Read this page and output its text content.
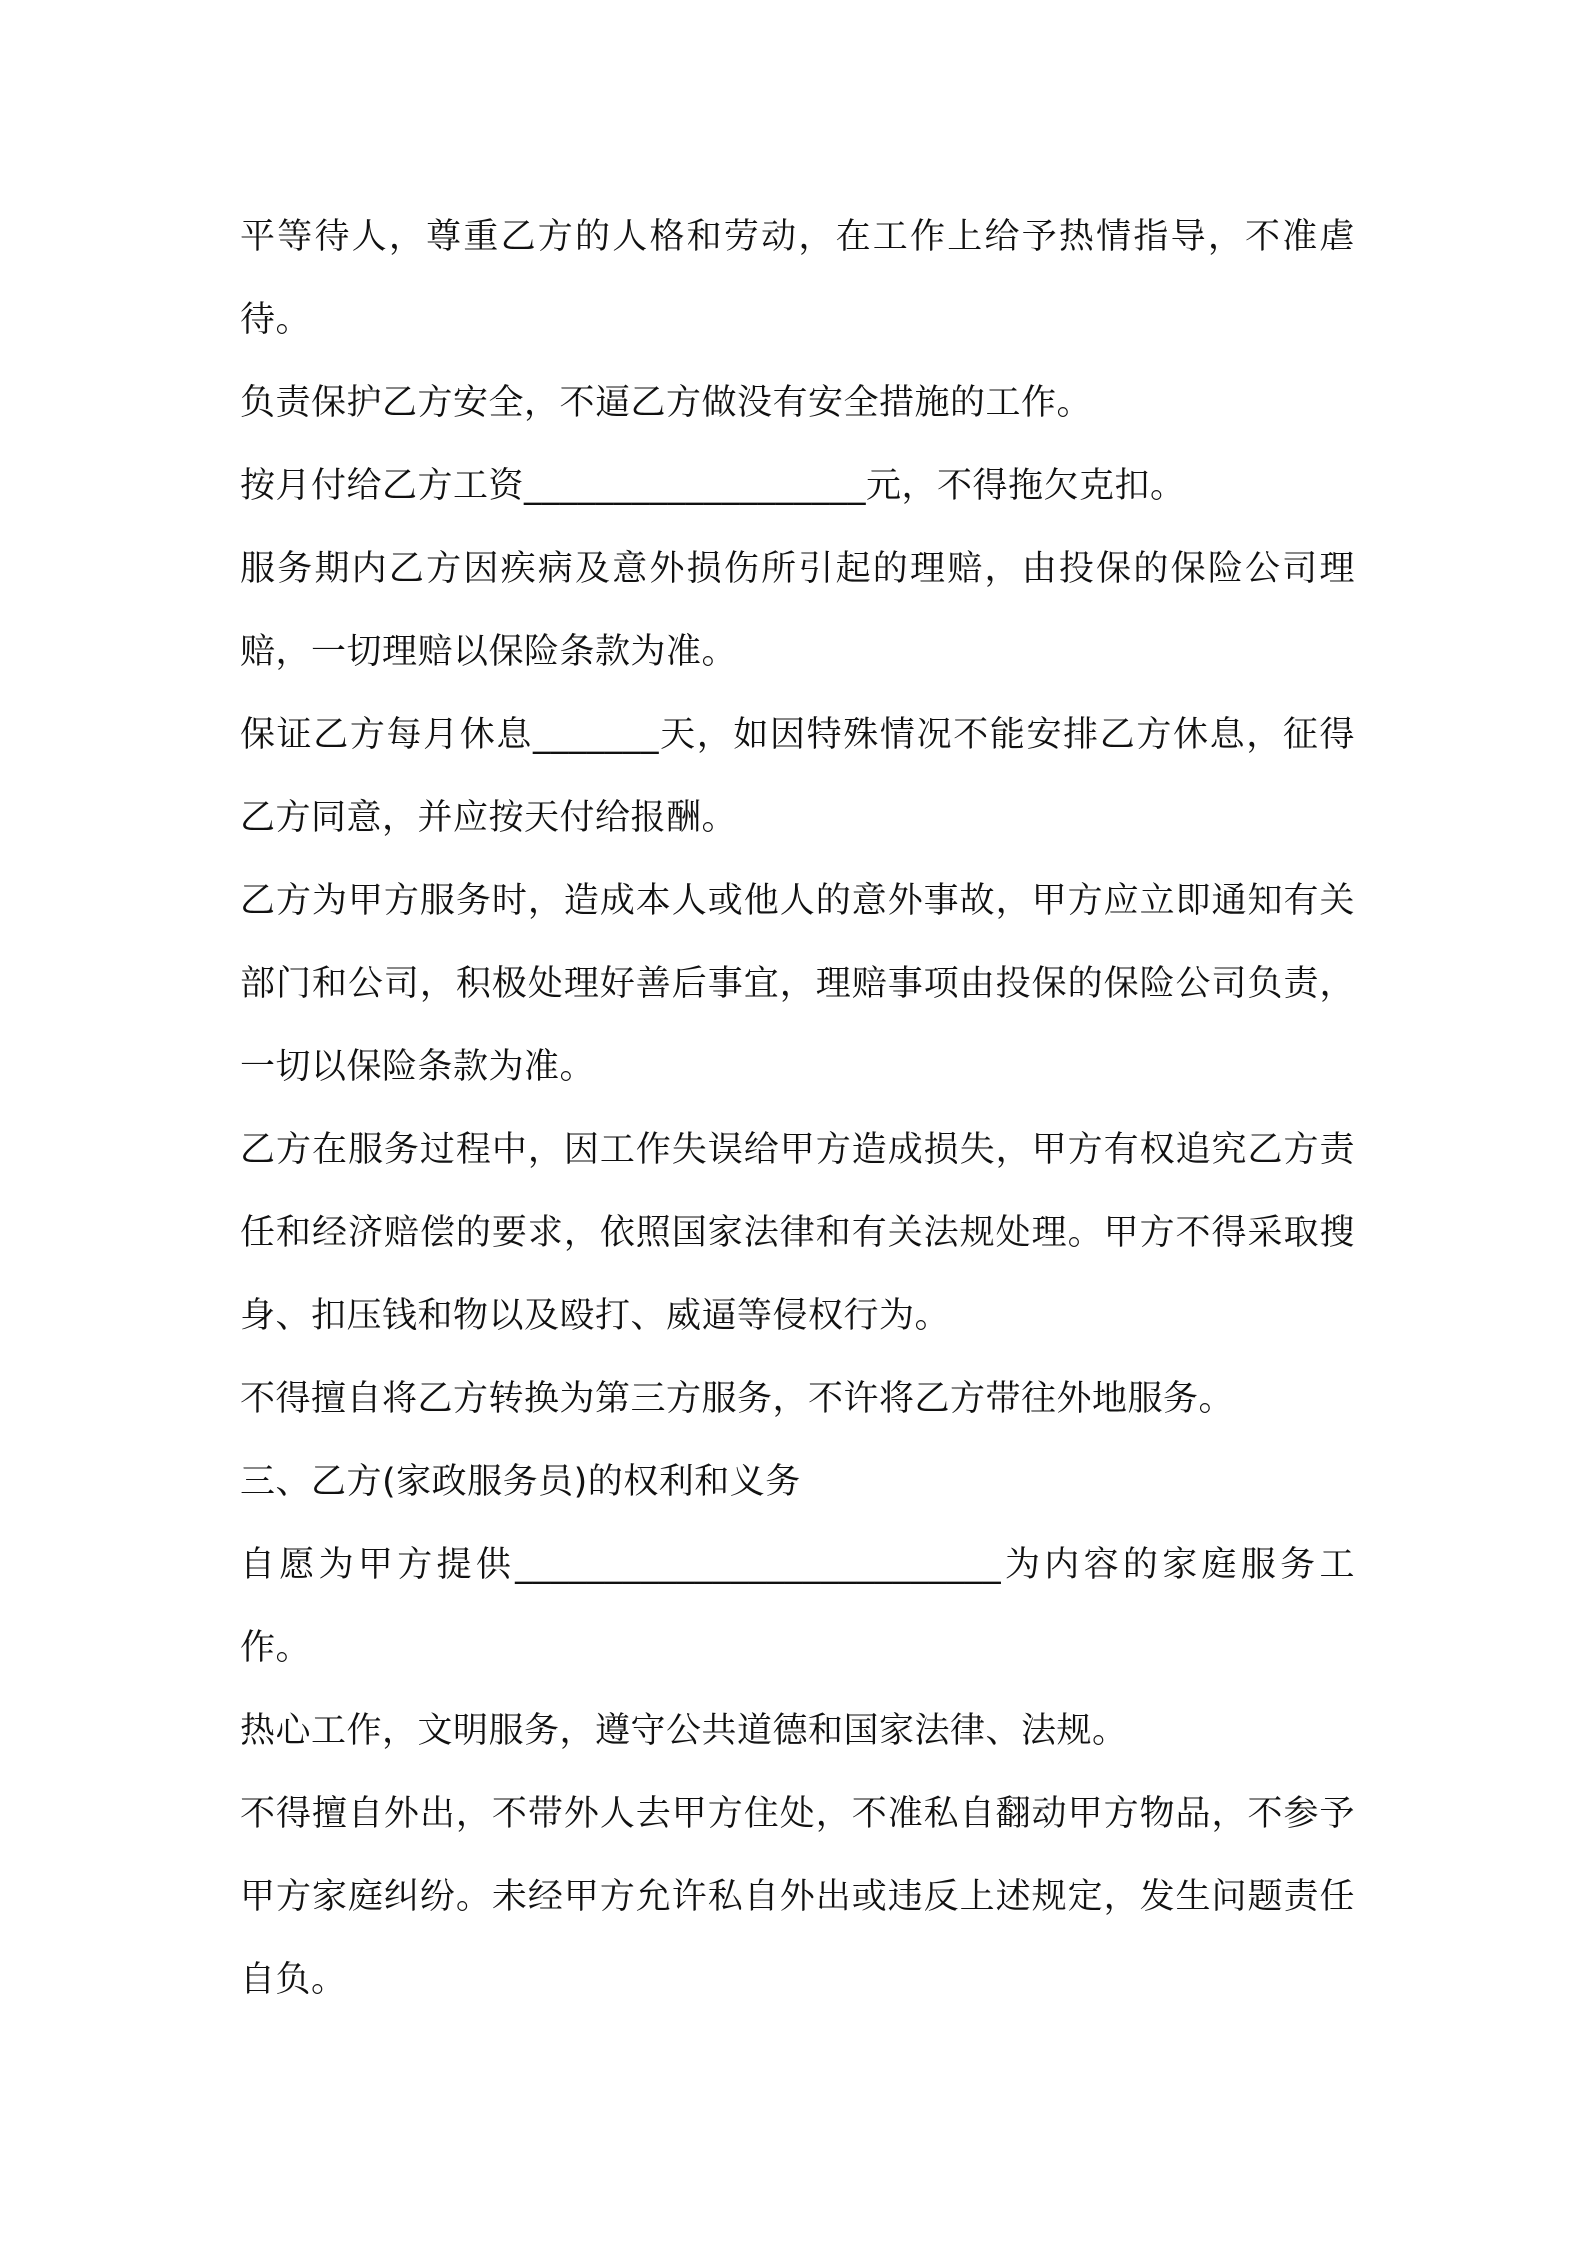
平等待人，尊重乙方的人格和劳动，在工作上给予热情指导，不准虐待。

负责保护乙方安全，不逼乙方做没有安全措施的工作。

按月付给乙方工资___________________元，不得拖欠克扣。

服务期内乙方因疾病及意外损伤所引起的理赔，由投保的保险公司理赔，一切理赔以保险条款为准。

保证乙方每月休息_______天，如因特殊情况不能安排乙方休息，征得乙方同意，并应按天付给报酬。

乙方为甲方服务时，造成本人或他人的意外事故，甲方应立即通知有关部门和公司，积极处理好善后事宜，理赔事项由投保的保险公司负责，一切以保险条款为准。

乙方在服务过程中，因工作失误给甲方造成损失，甲方有权追究乙方责任和经济赔偿的要求，依照国家法律和有关法规处理。甲方不得采取搜身、扣压钱和物以及殴打、威逼等侵权行为。

不得擅自将乙方转换为第三方服务，不许将乙方带往外地服务。

三、乙方(家政服务员)的权利和义务

自愿为甲方提供___________________________为内容的家庭服务工作。

热心工作，文明服务，遵守公共道德和国家法律、法规。

不得擅自外出，不带外人去甲方住处，不准私自翻动甲方物品，不参予甲方家庭纠纷。未经甲方允许私自外出或违反上述规定，发生问题责任自负。
